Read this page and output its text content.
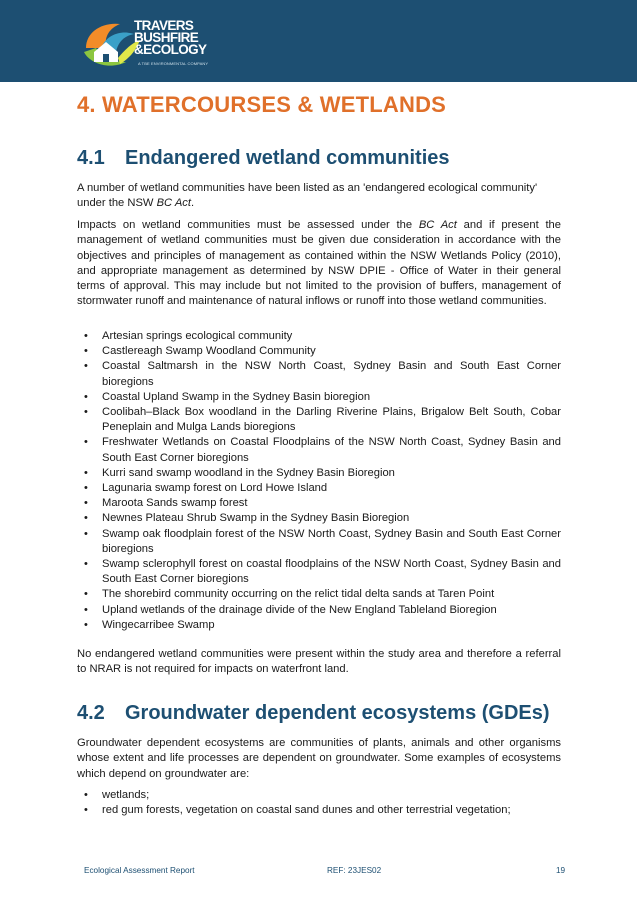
TRAVERS
BUSHFIRE
&ECOLOGY
A TBE ENVIRONMENTAL COMPANY
4. WATERCOURSES & WETLANDS
4.1 Endangered wetland communities

A number of wetland communities have been listed as an 'endangered ecological community' under the NSW BC Act.

Impacts on wetland communities must be assessed under the BC Act and if present the management of wetland communities must be given due consideration in accordance with the objectives and principles of management as contained within the NSW Wetlands Policy (2010), and appropriate management as determined by NSW DPIE - Office of Water in their general terms of approval. This may include but not limited to the provision of buffers, management of stormwater runoff and maintenance of natural inflows or runoff into those wetland communities.

• Artesian springs ecological community
• Castlereagh Swamp Woodland Community
• Coastal Saltmarsh in the NSW North Coast, Sydney Basin and South East Corner bioregions
• Coastal Upland Swamp in the Sydney Basin bioregion
• Coolibah–Black Box woodland in the Darling Riverine Plains, Brigalow Belt South, Cobar Peneplain and Mulga Lands bioregions
• Freshwater Wetlands on Coastal Floodplains of the NSW North Coast, Sydney Basin and South East Corner bioregions
• Kurri sand swamp woodland in the Sydney Basin Bioregion
• Lagunaria swamp forest on Lord Howe Island
• Maroota Sands swamp forest
• Newnes Plateau Shrub Swamp in the Sydney Basin Bioregion
• Swamp oak floodplain forest of the NSW North Coast, Sydney Basin and South East Corner bioregions
• Swamp sclerophyll forest on coastal floodplains of the NSW North Coast, Sydney Basin and South East Corner bioregions
• The shorebird community occurring on the relict tidal delta sands at Taren Point
• Upland wetlands of the drainage divide of the New England Tableland Bioregion
• Wingecarribee Swamp

No endangered wetland communities were present within the study area and therefore a referral to NRAR is not required for impacts on waterfront land.

4.2 Groundwater dependent ecosystems (GDEs)

Groundwater dependent ecosystems are communities of plants, animals and other organisms whose extent and life processes are dependent on groundwater. Some examples of ecosystems which depend on groundwater are:

• wetlands;
• red gum forests, vegetation on coastal sand dunes and other terrestrial vegetation;
Ecological Assessment Report	REF: 23JES02	19
